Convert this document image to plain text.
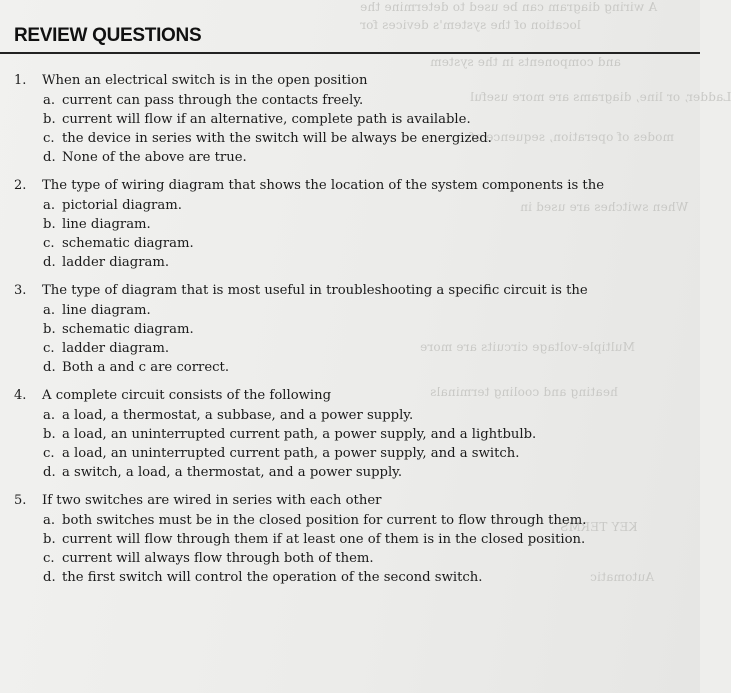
A wiring diagram can be used to determine the
location of the system's devices for
and components in the system
Ladder, or line, diagrams are more useful
modes of operation, sequence of
When switches are used in
Multiple-voltage circuits are more
heating and cooling terminals
KEY TERMS
Automatic
REVIEW QUESTIONS
1.	When an electrical switch is in the open position
a. current can pass through the contacts freely.
b. current will flow if an alternative, complete path is available.
c. the device in series with the switch will be always be energized.
d. None of the above are true.
2.	The type of wiring diagram that shows the location of the system components is the
a. pictorial diagram.
b. line diagram.
c. schematic diagram.
d. ladder diagram.
3.	The type of diagram that is most useful in troubleshooting a specific circuit is the
a. line diagram.
b. schematic diagram.
c. ladder diagram.
d. Both a and c are correct.
4.	A complete circuit consists of the following
a. a load, a thermostat, a subbase, and a power supply.
b. a load, an uninterrupted current path, a power supply, and a lightbulb.
c. a load, an uninterrupted current path, a power supply, and a switch.
d. a switch, a load, a thermostat, and a power supply.
5.	If two switches are wired in series with each other
a. both switches must be in the closed position for current to flow through them.
b. current will flow through them if at least one of them is in the closed position.
c. current will always flow through both of them.
d. the first switch will control the operation of the second switch.
